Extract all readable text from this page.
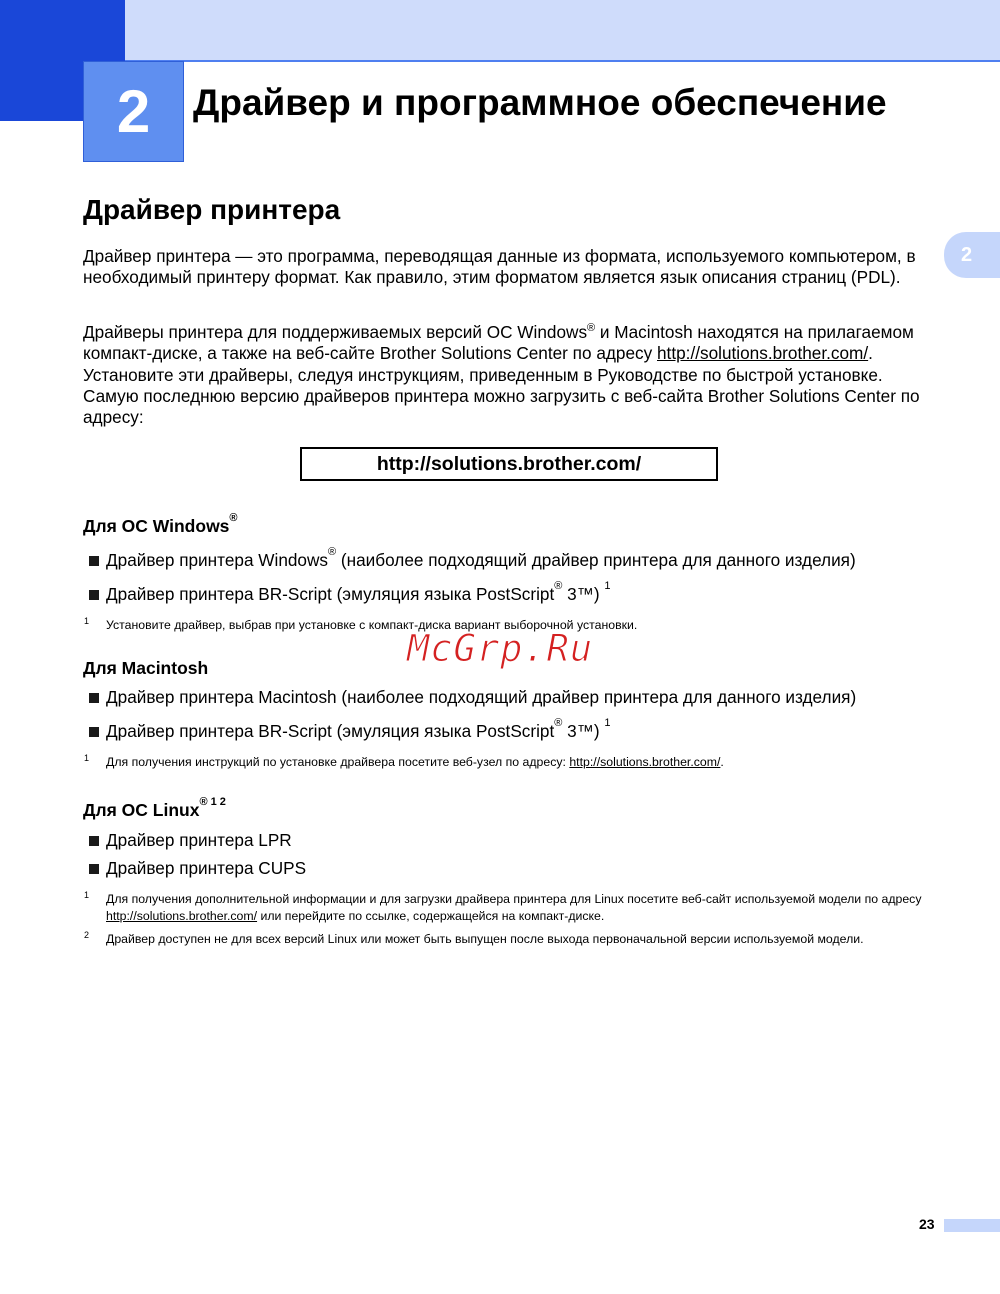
2	Драйвер и программное обеспечение
2
Драйвер принтера
Драйвер принтера — это программа, переводящая данные из формата, используемого компьютером, в необходимый принтеру формат. Как правило, этим форматом является язык описания страниц (PDL).
Драйверы принтера для поддерживаемых версий ОС Windows® и Macintosh находятся на прилагаемом компакт-диске, а также на веб-сайте Brother Solutions Center по адресу http://solutions.brother.com/. Установите эти драйверы, следуя инструкциям, приведенным в Руководстве по быстрой установке. Самую последнюю версию драйверов принтера можно загрузить с веб-сайта Brother Solutions Center по адресу:
http://solutions.brother.com/
Для ОС Windows®
Драйвер принтера Windows® (наиболее подходящий драйвер принтера для данного изделия)
Драйвер принтера BR-Script (эмуляция языка PostScript® 3™) $^1$
1 Установите драйвер, выбрав при установке с компакт-диска вариант выборочной установки.
McGrp.Ru
Для Macintosh
Драйвер принтера Macintosh (наиболее подходящий драйвер принтера для данного изделия)
Драйвер принтера BR-Script (эмуляция языка PostScript® 3™) $^1$
1 Для получения инструкций по установке драйвера посетите веб-узел по адресу: http://solutions.brother.com/.
Для ОС Linux$^{® 1 2}$
Драйвер принтера LPR
Драйвер принтера CUPS
1 Для получения дополнительной информации и для загрузки драйвера принтера для Linux посетите веб-сайт используемой модели по адресу http://solutions.brother.com/ или перейдите по ссылке, содержащейся на компакт-диске.
2 Драйвер доступен не для всех версий Linux или может быть выпущен после выхода первоначальной версии используемой модели.
23
